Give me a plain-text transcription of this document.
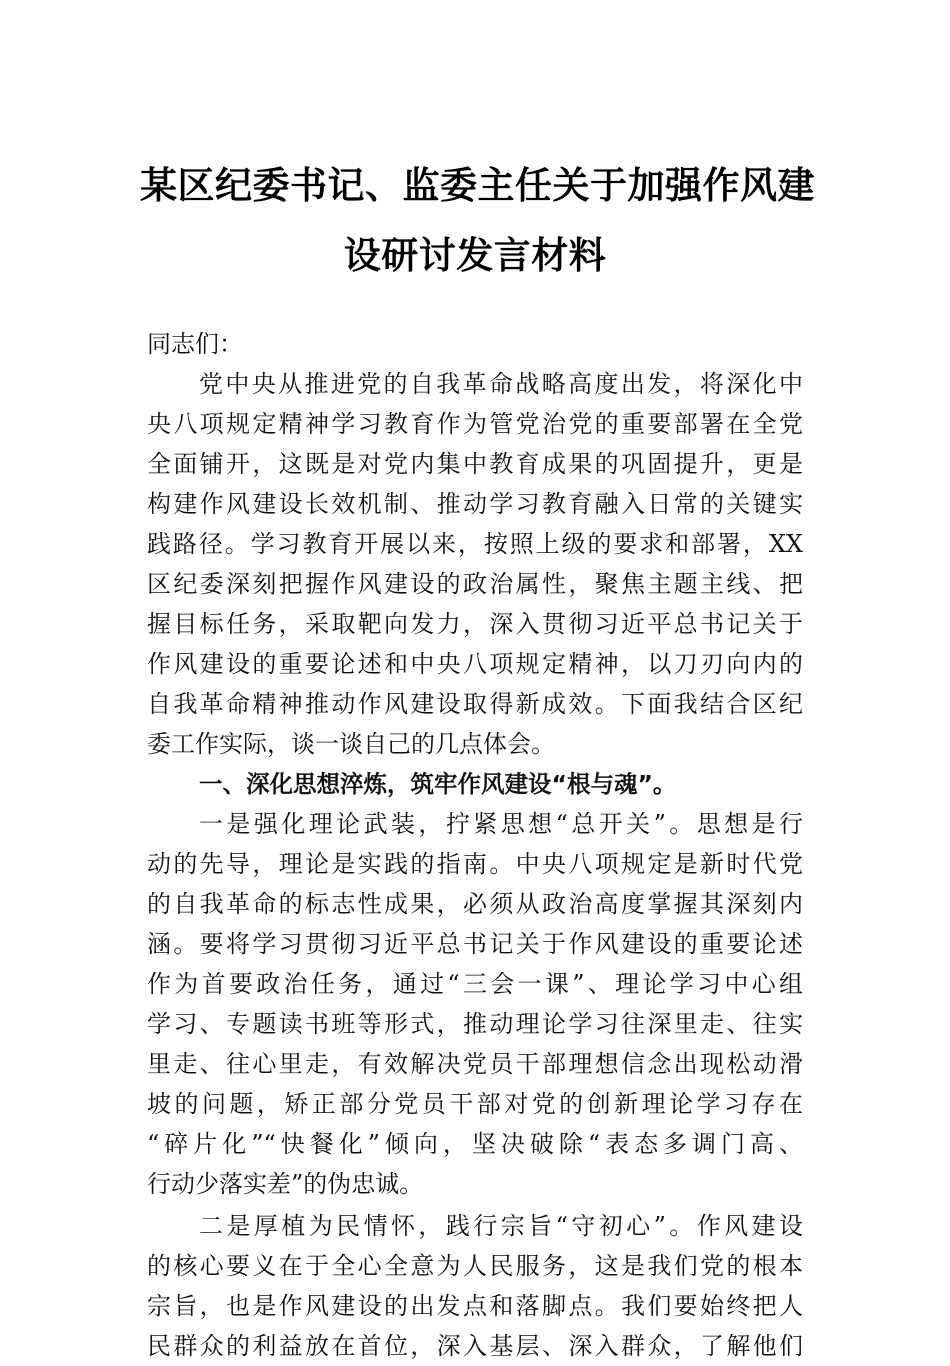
某区纪委书记、监委主任关于加强作风建
设研讨发言材料
同志们：
党中央从推进党的自我革命战略高度出发，将深化中
央八项规定精神学习教育作为管党治党的重要部署在全党
全面铺开，这既是对党内集中教育成果的巩固提升，更是
构建作风建设长效机制、推动学习教育融入日常的关键实
践路径。学习教育开展以来，按照上级的要求和部署，XX
区纪委深刻把握作风建设的政治属性，聚焦主题主线、把
握目标任务，采取靶向发力，深入贯彻习近平总书记关于
作风建设的重要论述和中央八项规定精神，以刀刃向内的
自我革命精神推动作风建设取得新成效。下面我结合区纪
委工作实际，谈一谈自己的几点体会。
一、深化思想淬炼，筑牢作风建设“根与魂”。
一是强化理论武装，拧紧思想“总开关”。思想是行
动的先导，理论是实践的指南。中央八项规定是新时代党
的自我革命的标志性成果，必须从政治高度掌握其深刻内
涵。要将学习贯彻习近平总书记关于作风建设的重要论述
作为首要政治任务，通过“三会一课”、理论学习中心组
学习、专题读书班等形式，推动理论学习往深里走、往实
里走、往心里走，有效解决党员干部理想信念出现松动滑
坡的问题，矫正部分党员干部对党的创新理论学习存在
“碎片化”“快餐化”倾向，坚决破除“表态多调门高、
行动少落实差”的伪忠诚。
二是厚植为民情怀，践行宗旨“守初心”。作风建设
的核心要义在于全心全意为人民服务，这是我们党的根本
宗旨，也是作风建设的出发点和落脚点。我们要始终把人
民群众的利益放在首位，深入基层、深入群众，了解他们
